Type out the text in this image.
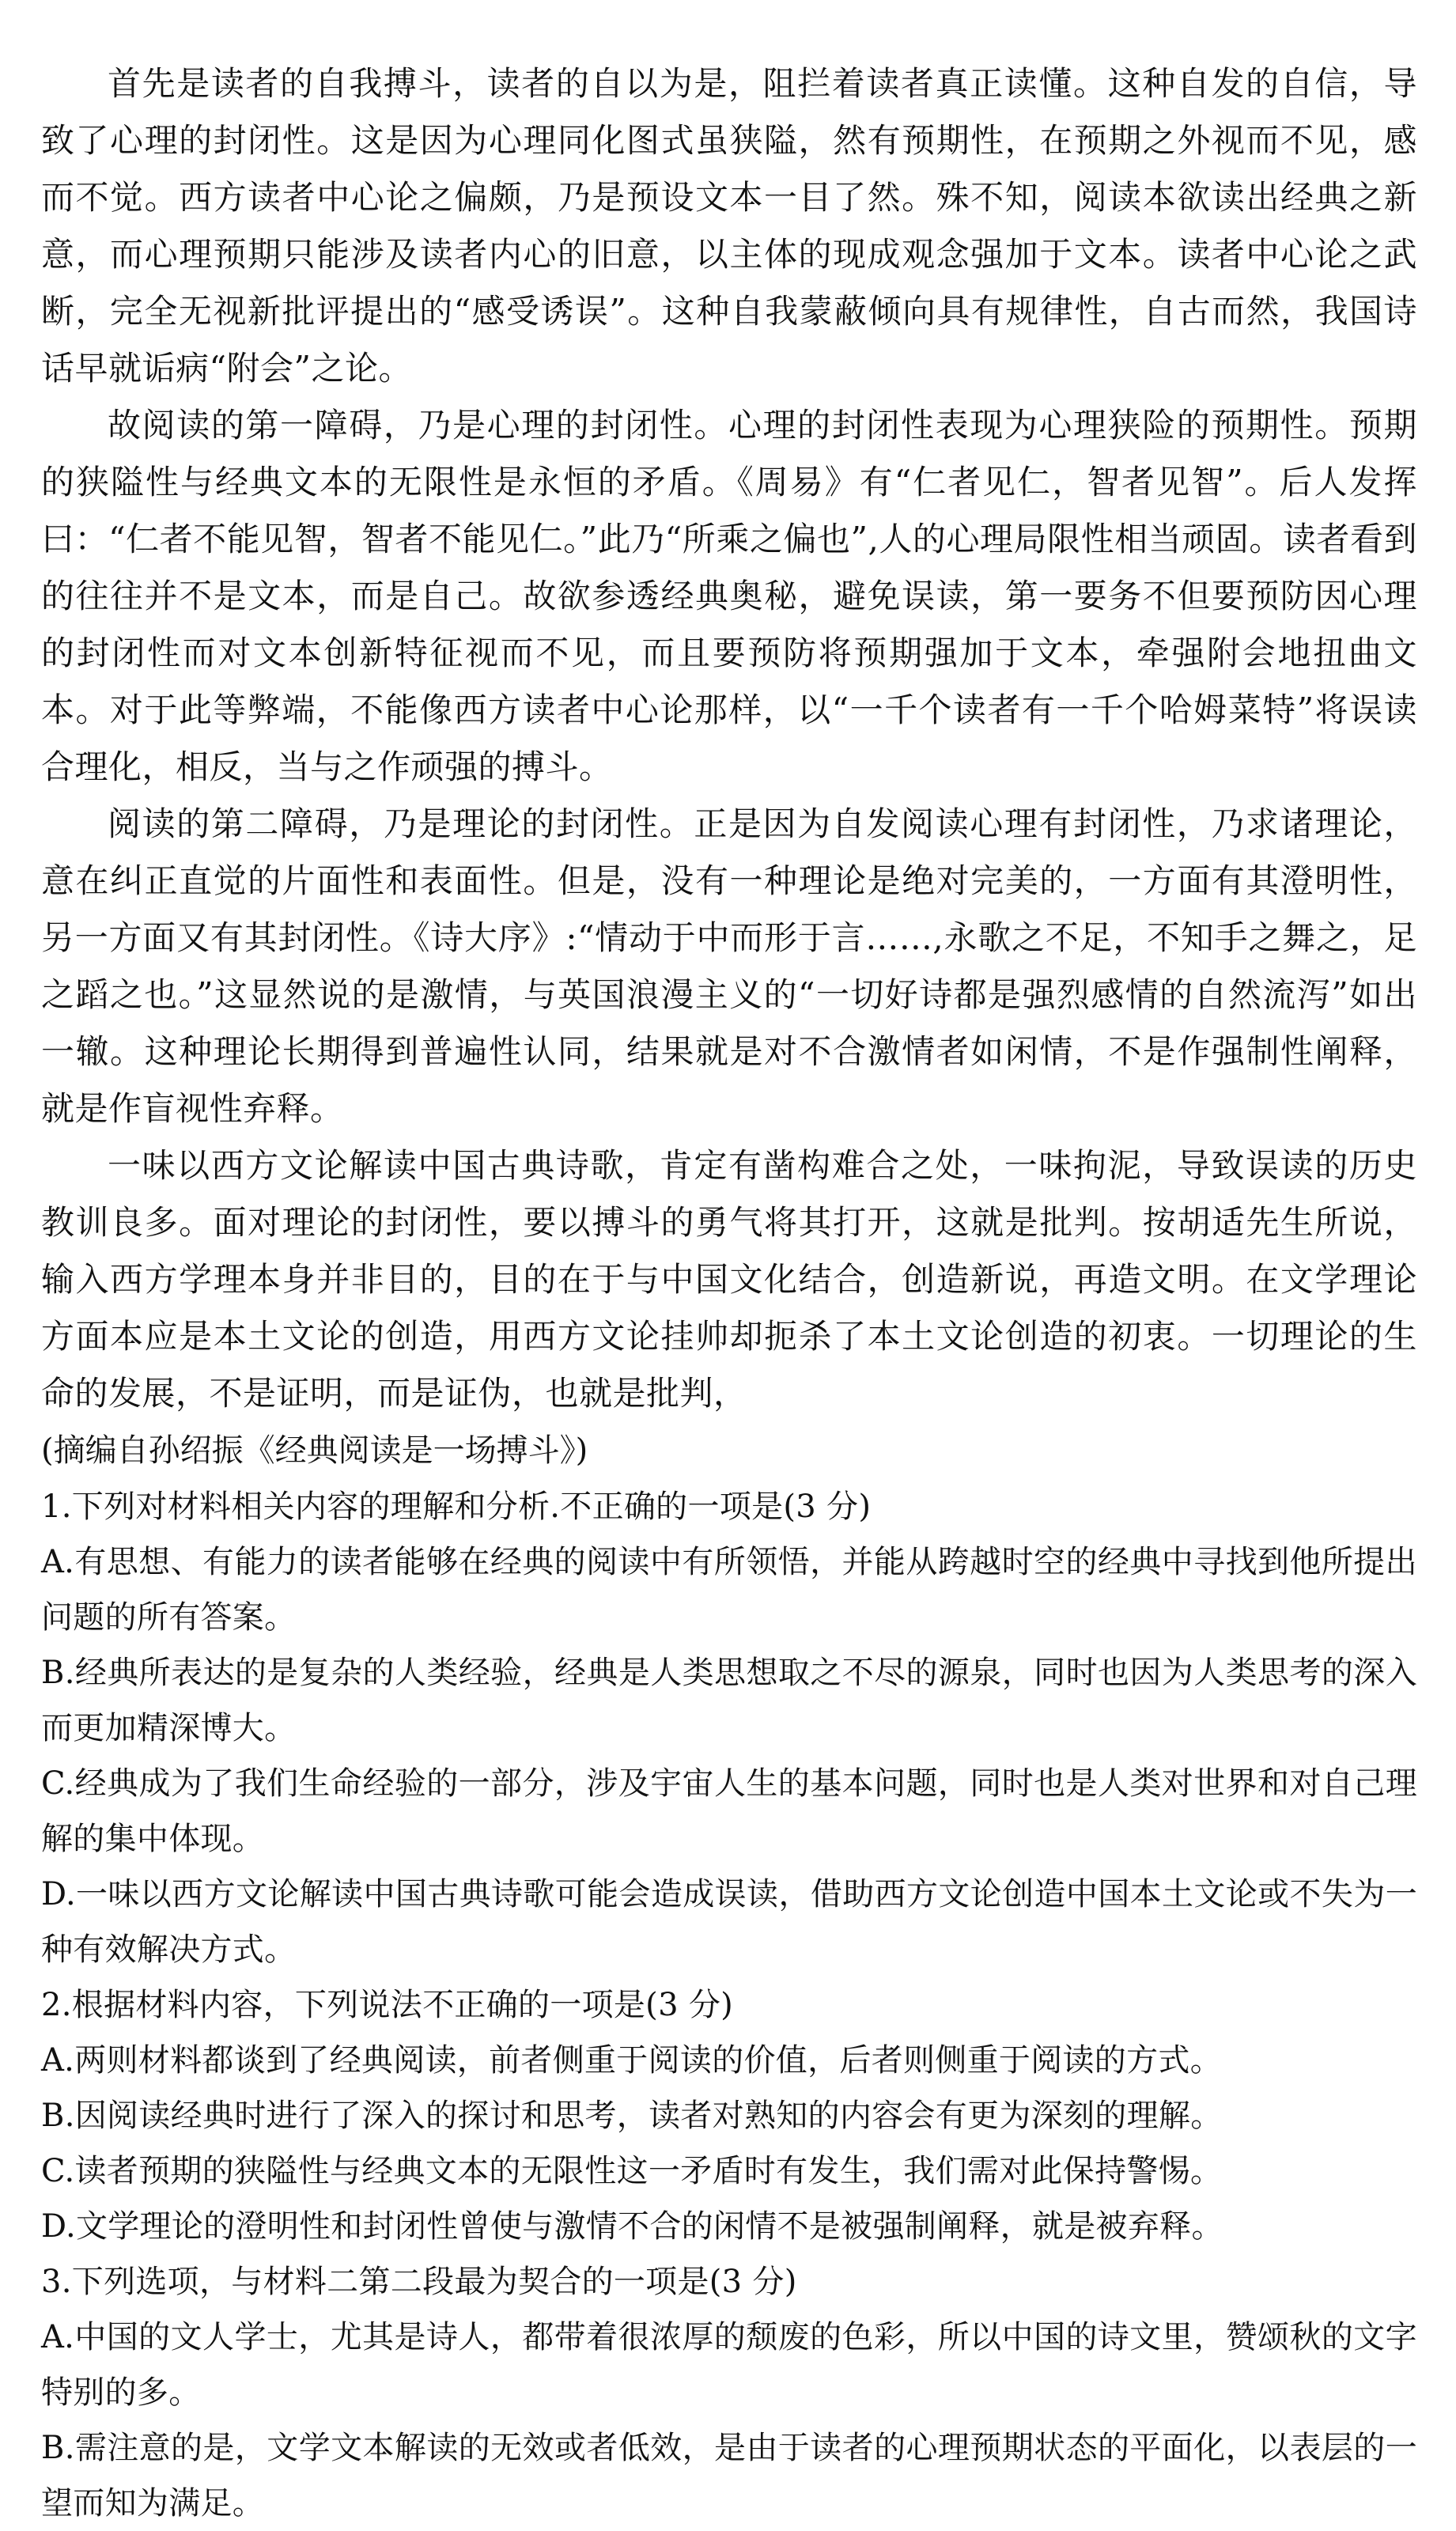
首先是读者的自我搏斗，读者的自以为是，阻拦着读者真正读懂。这种自发的自信，导致了心理的封闭性。这是因为心理同化图式虽狭隘，然有预期性，在预期之外视而不见，感而不觉。西方读者中心论之偏颇，乃是预设文本一目了然。殊不知，阅读本欲读出经典之新意，而心理预期只能涉及读者内心的旧意，以主体的现成观念强加于文本。读者中心论之武断，完全无视新批评提出的“感受诱误”。这种自我蒙蔽倾向具有规律性，自古而然，我国诗话早就诟病“附会”之论。

故阅读的第一障碍，乃是心理的封闭性。心理的封闭性表现为心理狭险的预期性。预期的狭隘性与经典文本的无限性是永恒的矛盾。《周易》有“仁者见仁，智者见智”。后人发挥曰：“仁者不能见智，智者不能见仁。”此乃“所乘之偏也”,人的心理局限性相当顽固。读者看到的往往并不是文本，而是自己。故欲参透经典奥秘，避免误读，第一要务不但要预防因心理的封闭性而对文本创新特征视而不见，而且要预防将预期强加于文本，牵强附会地扭曲文本。对于此等弊端，不能像西方读者中心论那样，以“一千个读者有一千个哈姆菜特”将误读合理化，相反，当与之作顽强的搏斗。

阅读的第二障碍，乃是理论的封闭性。正是因为自发阅读心理有封闭性，乃求诸理论，意在纠正直觉的片面性和表面性。但是，没有一种理论是绝对完美的，一方面有其澄明性，另一方面又有其封闭性。《诗大序》:“情动于中而形于言……,永歌之不足，不知手之舞之，足之蹈之也。”这显然说的是激情，与英国浪漫主义的“一切好诗都是强烈感情的自然流泻”如出一辙。这种理论长期得到普遍性认同，结果就是对不合激情者如闲情，不是作强制性阐释，就是作盲视性弃释。

一味以西方文论解读中国古典诗歌，肯定有凿构难合之处，一味拘泥，导致误读的历史教训良多。面对理论的封闭性，要以搏斗的勇气将其打开，这就是批判。按胡适先生所说，输入西方学理本身并非目的，目的在于与中国文化结合，创造新说，再造文明。在文学理论方面本应是本土文论的创造，用西方文论挂帅却扼杀了本土文论创造的初衷。一切理论的生命的发展，不是证明，而是证伪，也就是批判，

(摘编自孙绍振《经典阅读是一场搏斗》)

1.下列对材料相关内容的理解和分析.不正确的一项是(3 分)

A.有思想、有能力的读者能够在经典的阅读中有所领悟，并能从跨越时空的经典中寻找到他所提出问题的所有答案。

B.经典所表达的是复杂的人类经验，经典是人类思想取之不尽的源泉，同时也因为人类思考的深入而更加精深博大。

C.经典成为了我们生命经验的一部分，涉及宇宙人生的基本问题，同时也是人类对世界和对自己理解的集中体现。

D.一味以西方文论解读中国古典诗歌可能会造成误读，借助西方文论创造中国本土文论或不失为一种有效解决方式。

2.根据材料内容，下列说法不正确的一项是(3 分)

A.两则材料都谈到了经典阅读，前者侧重于阅读的价值，后者则侧重于阅读的方式。

B.因阅读经典时进行了深入的探讨和思考，读者对熟知的内容会有更为深刻的理解。

C.读者预期的狭隘性与经典文本的无限性这一矛盾时有发生，我们需对此保持警惕。

D.文学理论的澄明性和封闭性曾使与激情不合的闲情不是被强制阐释，就是被弃释。

3.下列选项，与材料二第二段最为契合的一项是(3 分)

A.中国的文人学士，尤其是诗人，都带着很浓厚的颓废的色彩，所以中国的诗文里，赞颂秋的文字特别的多。

B.需注意的是，文学文本解读的无效或者低效，是由于读者的心理预期状态的平面化，以表层的一望而知为满足。
